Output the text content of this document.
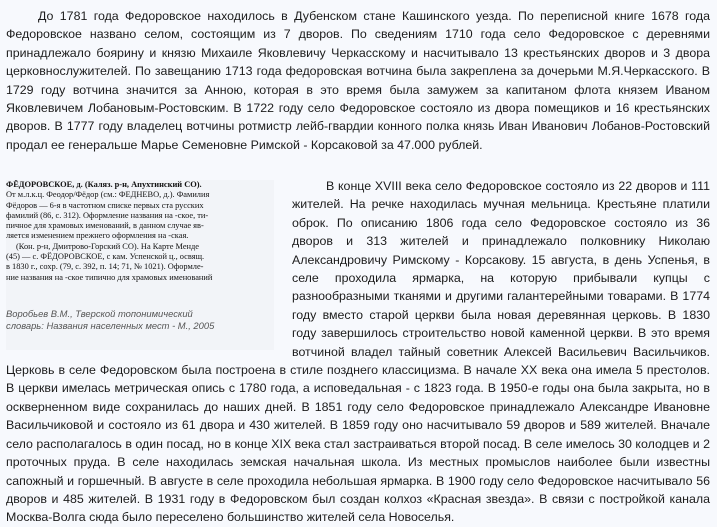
До 1781 года Федоровское находилось в Дубенском стане Кашинского уезда. По переписной книге 1678 года Федоровское названо селом, состоящим из 7 дворов. По сведениям 1710 года село Федоровское с деревнями принадлежало боярину и князю Михаиле Яковлевичу Черкасскому и насчитывало 13 крестьянских дворов и 3 двора церковнослужителей. По завещанию 1713 года федоровская вотчина была закреплена за дочерьми М.Я.Черкасского. В 1729 году вотчина значится за Анною, которая в это время была замужем за капитаном флота князем Иваном Яковлевичем Лобановым-Ростовским. В 1722 году село Федоровское состояло из двора помещиков и 16 крестьянских дворов. В 1777 году владелец вотчины ротмистр лейб-гвардии конного полка князь Иван Иванович Лобанов-Ростовский продал ее генеральше Марье Семеновне Римской - Корсаковой за 47.000 рублей.

ФЁДОРОВСКОЕ, д. (Каляз. р-н, Апухтинский СО).
От м.л.к.ц. Феодор/Фёдор (см.: ФЕДНЕВО, д.). Фамилия
Фёдоров — 6-я в частотном списке первых ста русских
фамилий (86, с. 312). Оформление названия на -ское, ти-
пичное для храмовых именований, в данном случае яв-
ляется изменением прежнего оформления на -ская.
(Кон. р-н, Дмитрово-Горский СО). На Карте Менде
(45) — с. ФЁДОРОВСКОЕ, с кам. Успенской ц., освящ.
в 1830 г., сохр. (79, с. 392, п. 14; 71, № 1021). Оформле-
ние названия на -ское типично для храмовых именований
Воробьев В.М., Тверской топонимический
словарь: Названия населенных мест - М., 2005
В конце XVIII века село Федоровское состояло из 22 дворов и 111 жителей. На речке находилась мучная мельница. Крестьяне платили оброк. По описанию 1806 года село Федоровское состояло из 36 дворов и 313 жителей и принадлежало полковнику Николаю Александровичу Римскому - Корсакову. 15 августа, в день Успенья, в селе проходила ярмарка, на которую прибывали купцы с разнообразными тканями и другими галантерейными товарами. В 1774 году вместо старой церкви была новая деревянная церковь. В 1830 году завершилось строительство новой каменной церкви. В это время вотчиной владел тайный советник Алексей Васильевич Васильчиков. Церковь в селе Федоровском была построена в стиле позднего классицизма. В начале XX века она имела 5 престолов. В церкви имелась метрическая опись с 1780 года, а исповедальная - с 1823 года. В 1950-е годы она была закрыта, но в оскверненном виде сохранилась до наших дней. В 1851 году село Федоровское принадлежало Александре Ивановне Васильчиковой и состояло из 61 двора и 430 жителей. В 1859 году оно насчитывало 59 дворов и 589 жителей. Вначале село располагалось в один посад, но в конце XIX века стал застраиваться второй посад. В селе имелось 30 колодцев и 2 проточных пруда. В селе находилась земская начальная школа. Из местных промыслов наиболее были известны сапожный и горшечный. В августе в селе проходила небольшая ярмарка. В 1900 году село Федоровское насчитывало 56 дворов и 485 жителей. В 1931 году в Федоровском был создан колхоз «Красная звезда». В связи с постройкой канала Москва-Волга сюда было переселено большинство жителей села Новоселья.
